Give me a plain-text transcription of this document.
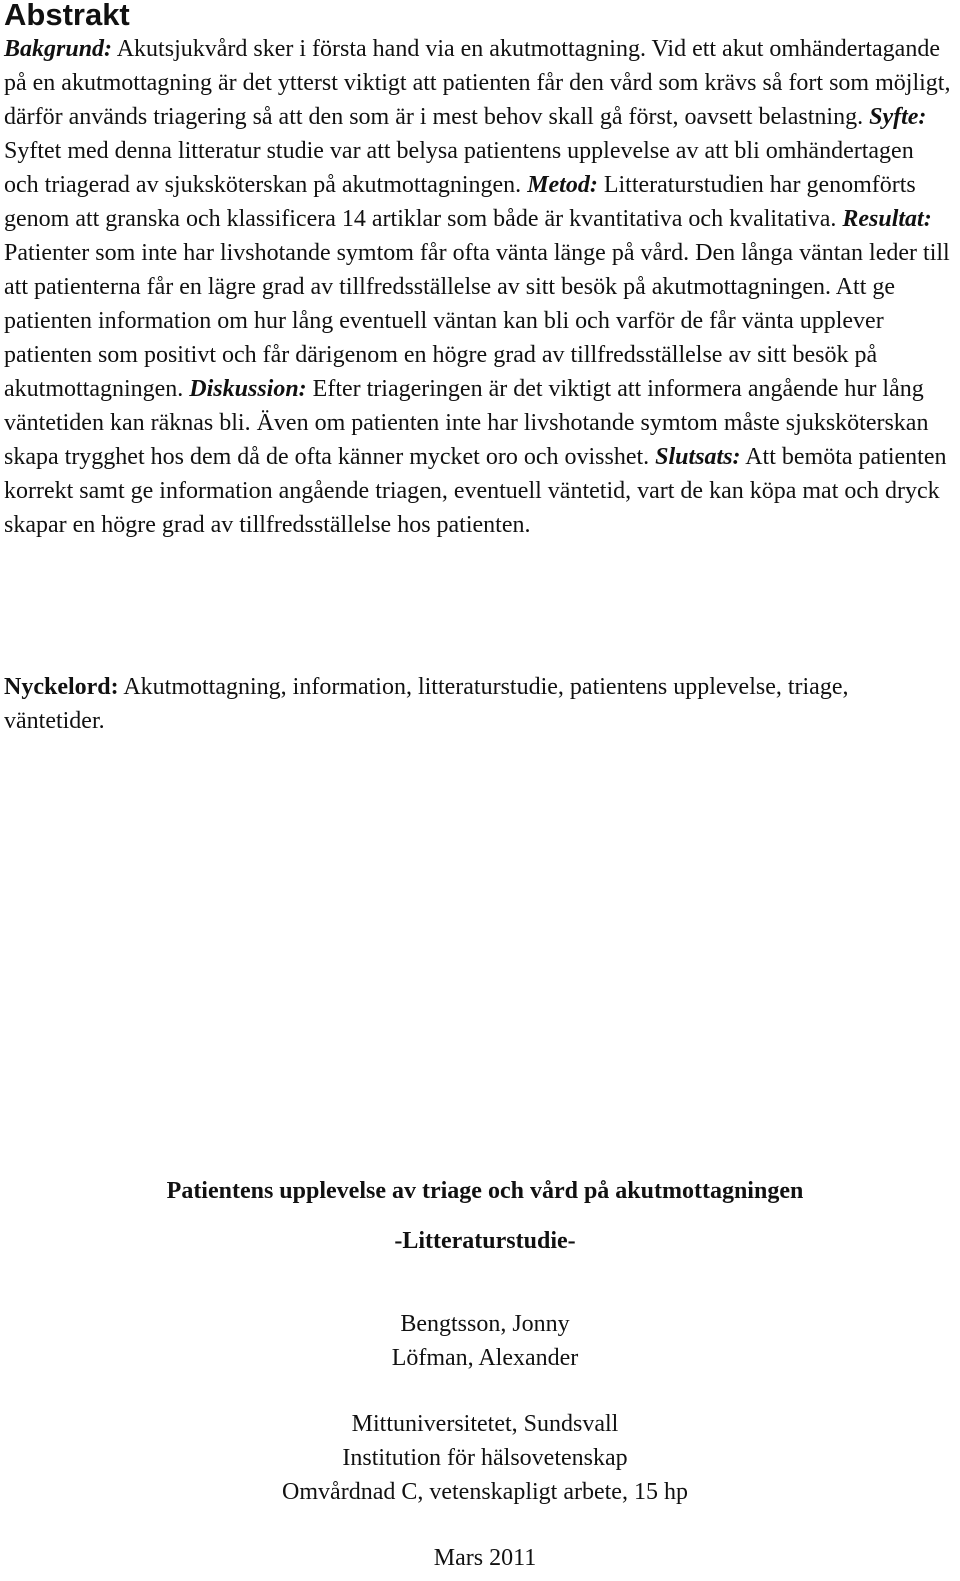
Abstrakt

Bakgrund: Akutsjukvård sker i första hand via en akutmottagning. Vid ett akut omhändertagande på en akutmottagning är det ytterst viktigt att patienten får den vård som krävs så fort som möjligt, därför används triagering så att den som är i mest behov skall gå först, oavsett belastning. Syfte: Syftet med denna litteratur studie var att belysa patientens upplevelse av att bli omhändertagen och triagerad av sjuksköterskan på akutmottagningen. Metod: Litteraturstudien har genomförts genom att granska och klassificera 14 artiklar som både är kvantitativa och kvalitativa. Resultat: Patienter som inte har livshotande symtom får ofta vänta länge på vård. Den långa väntan leder till att patienterna får en lägre grad av tillfredsställelse av sitt besök på akutmottagningen. Att ge patienten information om hur lång eventuell väntan kan bli och varför de får vänta upplever patienten som positivt och får därigenom en högre grad av tillfredsställelse av sitt besök på akutmottagningen. Diskussion: Efter triageringen är det viktigt att informera angående hur lång väntetiden kan räknas bli. Även om patienten inte har livshotande symtom måste sjuksköterskan skapa trygghet hos dem då de ofta känner mycket oro och ovisshet. Slutsats: Att bemöta patienten korrekt samt ge information angående triagen, eventuell väntetid, vart de kan köpa mat och dryck skapar en högre grad av tillfredsställelse hos patienten.

Nyckelord: Akutmottagning, information, litteraturstudie, patientens upplevelse, triage, väntetider.

Patientens upplevelse av triage och vård på akutmottagningen

-Litteraturstudie-

Bengtsson, Jonny

Löfman, Alexander

Mittuniversitetet, Sundsvall

Institution för hälsovetenskap

Omvårdnad C, vetenskapligt arbete, 15 hp

Mars 2011
